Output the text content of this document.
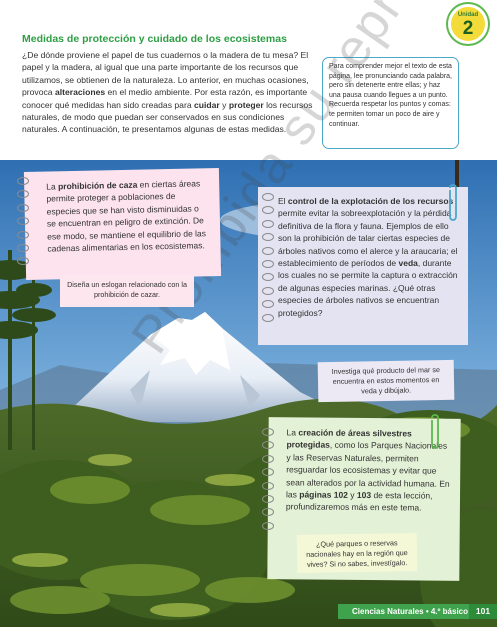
Unidad
2
Medidas de protección y cuidado de los ecosistemas
¿De dónde proviene el papel de tus cuadernos o la madera de tu mesa? El papel y la madera, al igual que una parte importante de los recursos que utilizamos, se obtienen de la naturaleza. Lo anterior, en muchas ocasiones, provoca alteraciones en el medio ambiente. Por esta razón, es importante conocer qué medidas han sido creadas para cuidar y proteger los recursos naturales, de modo que puedan ser conservados en sus condiciones naturales. A continuación, te presentamos algunas de estas medidas.
Para comprender mejor el texto de esta página, lee pronunciando cada palabra, pero sin detenerte entre ellas; y haz una pausa cuando llegues a un punto. Recuerda respetar los puntos y comas: te permiten tomar un poco de aire y continuar.
La prohibición de caza en ciertas áreas permite proteger a poblaciones de especies que se han visto disminuidas o se encuentran en peligro de extinción. De ese modo, se mantiene el equilibrio de las cadenas alimentarias en los ecosistemas.
Diseña un eslogan relacionado con la prohibición de cazar.
El control de la explotación de los recursos permite evitar la sobreexplotación y la pérdida definitiva de la flora y fauna. Ejemplos de ello son la prohibición de talar ciertas especies de árboles nativos como el alerce y la araucaria; el establecimiento de períodos de veda, durante los cuales no se permite la captura o extracción de algunas especies marinas. ¿Qué otras especies de árboles nativos se encuentran protegidos?
Investiga qué producto del mar se encuentra en estos momentos en veda y dibújalo.
La creación de áreas silvestres protegidas, como los Parques Nacionales y las Reservas Naturales, permiten resguardar los ecosistemas y evitar que sean alterados por la actividad humana. En las páginas 102 y 103 de esta lección, profundizaremos más en este tema.
¿Qué parques o reservas nacionales hay en la región que vives? Si no sabes, investígalo.
Ciencias Naturales • 4.º básico 101
